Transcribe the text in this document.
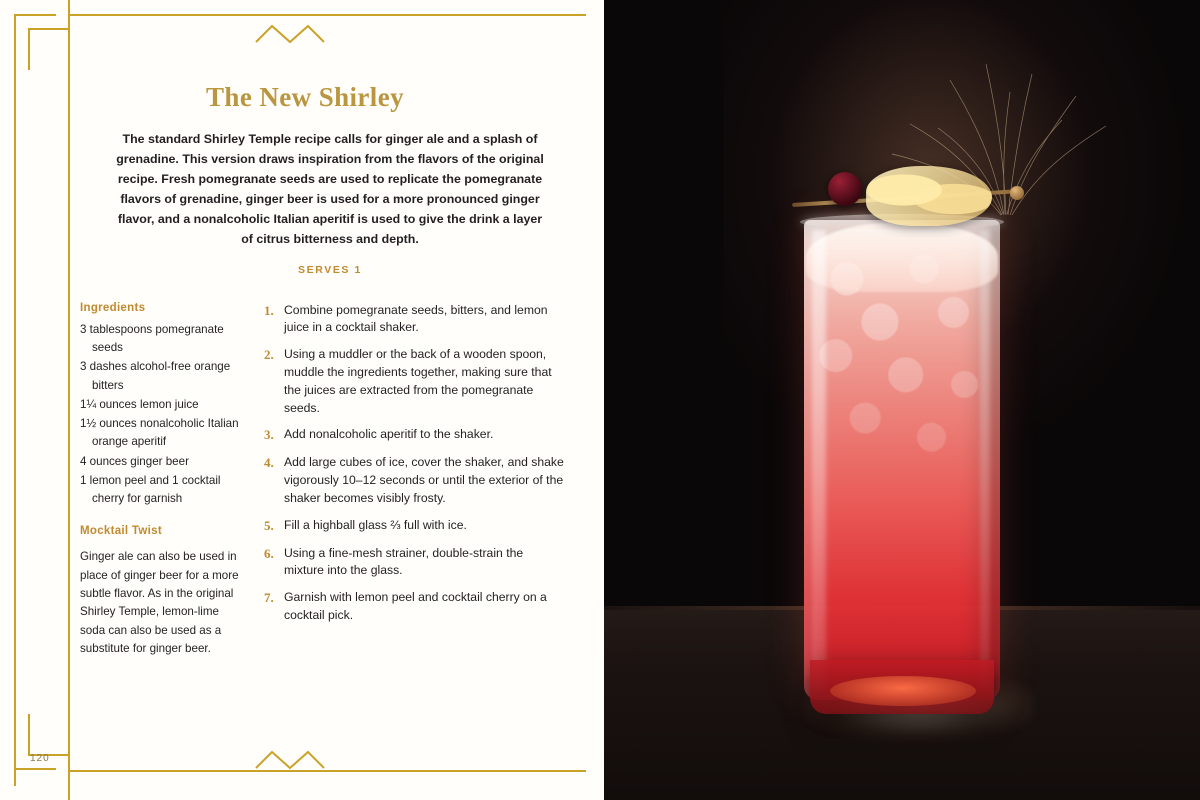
120
The New Shirley

The standard Shirley Temple recipe calls for ginger ale and a splash of grenadine. This version draws inspiration from the flavors of the original recipe. Fresh pomegranate seeds are used to replicate the pomegranate flavors of grenadine, ginger beer is used for a more pronounced ginger flavor, and a nonalcoholic Italian aperitif is used to give the drink a layer of citrus bitterness and depth.

SERVES 1
Ingredients
3 tablespoons pomegranate
seeds
3 dashes alcohol-free orange
bitters
1¼ ounces lemon juice
1½ ounces nonalcoholic Italian
orange aperitif
4 ounces ginger beer
1 lemon peel and 1 cocktail
cherry for garnish
Mocktail Twist

Ginger ale can also be used in place of ginger beer for a more subtle flavor. As in the original Shirley Temple, lemon-lime soda can also be used as a substitute for ginger beer.

1. Combine pomegranate seeds, bitters, and lemon juice in a cocktail shaker.
2. Using a muddler or the back of a wooden spoon, muddle the ingredients together, making sure that the juices are extracted from the pomegranate seeds.
3. Add nonalcoholic aperitif to the shaker.
4. Add large cubes of ice, cover the shaker, and shake vigorously 10–12 seconds or until the exterior of the shaker becomes visibly frosty.
5. Fill a highball glass ⅔ full with ice.
6. Using a fine-mesh strainer, double-strain the mixture into the glass.
7. Garnish with lemon peel and cocktail cherry on a cocktail pick.
